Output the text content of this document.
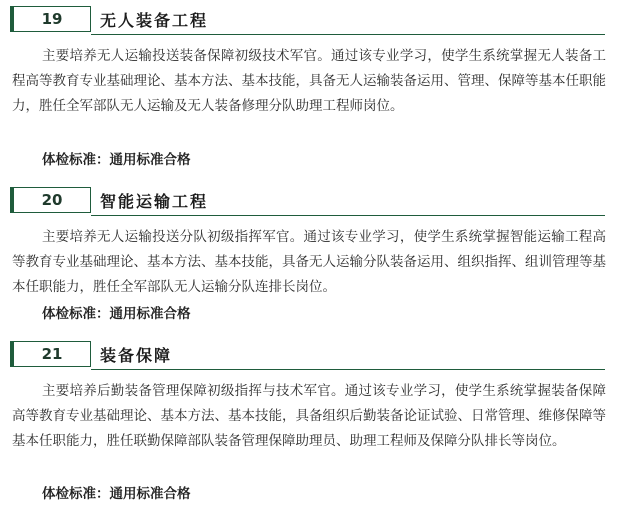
19	无人装备工程

主要培养无人运输投送装备保障初级技术军官。通过该专业学习，使学生系统掌握无人装备工程高等教育专业基础理论、基本方法、基本技能，具备无人运输装备运用、管理、保障等基本任职能力，胜任全军部队无人运输及无人装备修理分队助理工程师岗位。

体检标准：通用标准合格
20	智能运输工程

主要培养无人运输投送分队初级指挥军官。通过该专业学习，使学生系统掌握智能运输工程高等教育专业基础理论、基本方法、基本技能，具备无人运输分队装备运用、组织指挥、组训管理等基本任职能力，胜任全军部队无人运输分队连排长岗位。

体检标准：通用标准合格
21	装备保障

主要培养后勤装备管理保障初级指挥与技术军官。通过该专业学习，使学生系统掌握装备保障高等教育专业基础理论、基本方法、基本技能，具备组织后勤装备论证试验、日常管理、维修保障等基本任职能力，胜任联勤保障部队装备管理保障助理员、助理工程师及保障分队排长等岗位。

体检标准：通用标准合格
